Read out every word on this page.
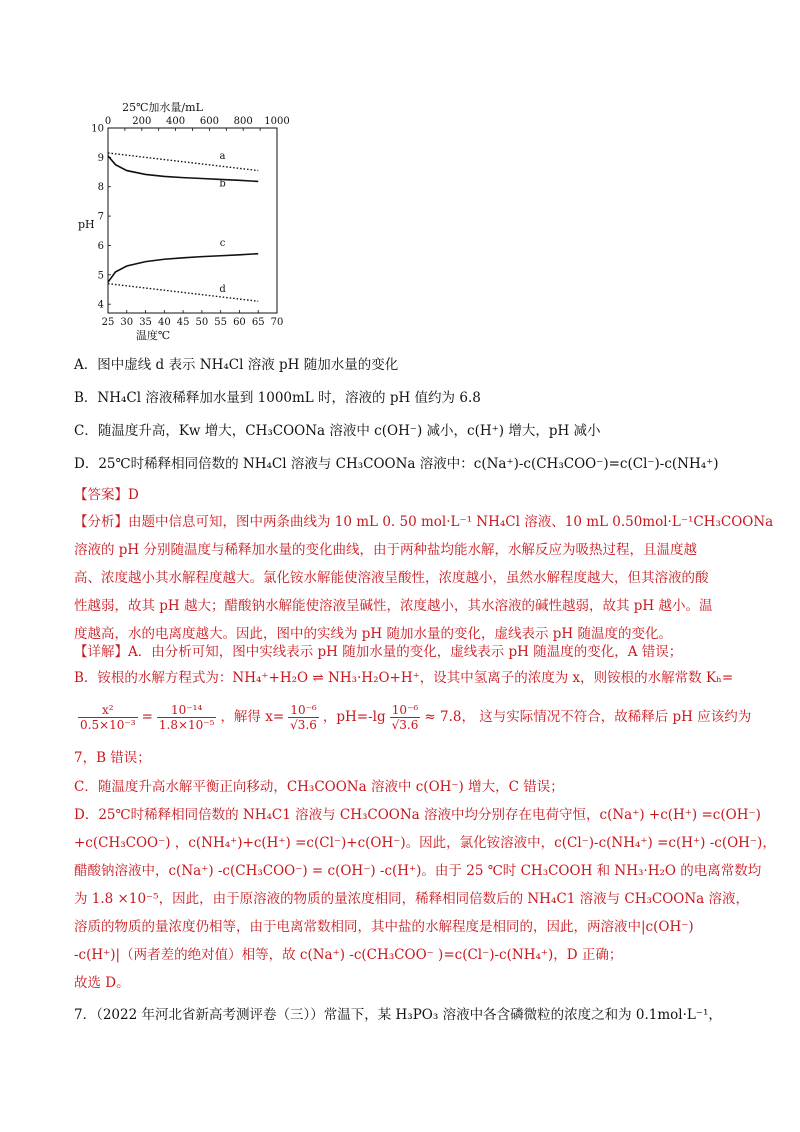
25 30 35 40 45 50 55 60 65 70
0 200 400 600 800 1000
4
5
6
7
8
9
10
25℃加水量/mL
温度℃
pH
a
b
c
d
A．图中虚线 d 表示 NH₄Cl 溶液 pH 随加水量的变化
B．NH₄Cl 溶液稀释加水量到 1000mL 时，溶液的 pH 值约为 6.8
C．随温度升高，Kw 增大，CH₃COONa 溶液中 c(OH⁻) 减小，c(H⁺) 增大，pH 减小
D．25℃时稀释相同倍数的 NH₄Cl 溶液与 CH₃COONa 溶液中：c(Na⁺)-c(CH₃COO⁻)=c(Cl⁻)-c(NH₄⁺)
【答案】D
【分析】由题中信息可知，图中两条曲线为 10 mL 0. 50 mol·L⁻¹ NH₄Cl 溶液、10 mL 0.50mol·L⁻¹CH₃COONa
溶液的 pH 分别随温度与稀释加水量的变化曲线，由于两种盐均能水解，水解反应为吸热过程，且温度越
高、浓度越小其水解程度越大。氯化铵水解能使溶液呈酸性，浓度越小，虽然水解程度越大，但其溶液的酸
性越弱，故其 pH 越大；醋酸钠水解能使溶液呈碱性，浓度越小，其水溶液的碱性越弱，故其 pH 越小。温
度越高，水的电离度越大。因此，图中的实线为 pH 随加水量的变化，虚线表示 pH 随温度的变化。
【详解】A．由分析可知，图中实线表示 pH 随加水量的变化，虚线表示 pH 随温度的变化，A 错误；
B．铵根的水解方程式为：NH₄⁺+H₂O ⇌ NH₃·H₂O+H⁺，设其中氢离子的浓度为 x，则铵根的水解常数 Kₕ=
$\frac{\text{x²}}{\text{0.5×10⁻³}} = \frac{\text{10⁻¹⁴}}{\text{1.8×10⁻⁵}}$ ，解得 $x= \frac{\text{10⁻⁶}}{√3.6}$ ，$pH=-\lg \frac{\text{10⁻⁶}}{√3.6} \approx 7.8$， 这与实际情况不符合，故稀释后 pH 应该约为
7，B 错误；
C．随温度升高水解平衡正向移动，CH₃COONa 溶液中 c(OH⁻) 增大，C 错误；
D．25℃时稀释相同倍数的 NH₄C1 溶液与 CH₃COONa 溶液中均分别存在电荷守恒，c(Na⁺) +c(H⁺) =c(OH⁻)
+c(CH₃COO⁻) ，c(NH₄⁺)+c(H⁺) =c(Cl⁻)+c(OH⁻)。因此，氯化铵溶液中，c(Cl⁻)-c(NH₄⁺) =c(H⁺) -c(OH⁻)，
醋酸钠溶液中，c(Na⁺) -c(CH₃COO⁻) = c(OH⁻) -c(H⁺)。由于 25 ℃时 CH₃COOH 和 NH₃·H₂O 的电离常数均
为 1.8 ×10⁻⁵，因此，由于原溶液的物质的量浓度相同，稀释相同倍数后的 NH₄C1 溶液与 CH₃COONa 溶液，
溶质的物质的量浓度仍相等，由于电离常数相同，其中盐的水解程度是相同的，因此，两溶液中|c(OH⁻)
-c(H⁺)|（两者差的绝对值）相等，故 c(Na⁺) -c(CH₃COO⁻ )=c(Cl⁻)-c(NH₄⁺)，D 正确；
故选 D。
7．（2022 年河北省新高考测评卷（三））常温下，某 H₃PO₃ 溶液中各含磷微粒的浓度之和为 0.1mol·L⁻¹，
